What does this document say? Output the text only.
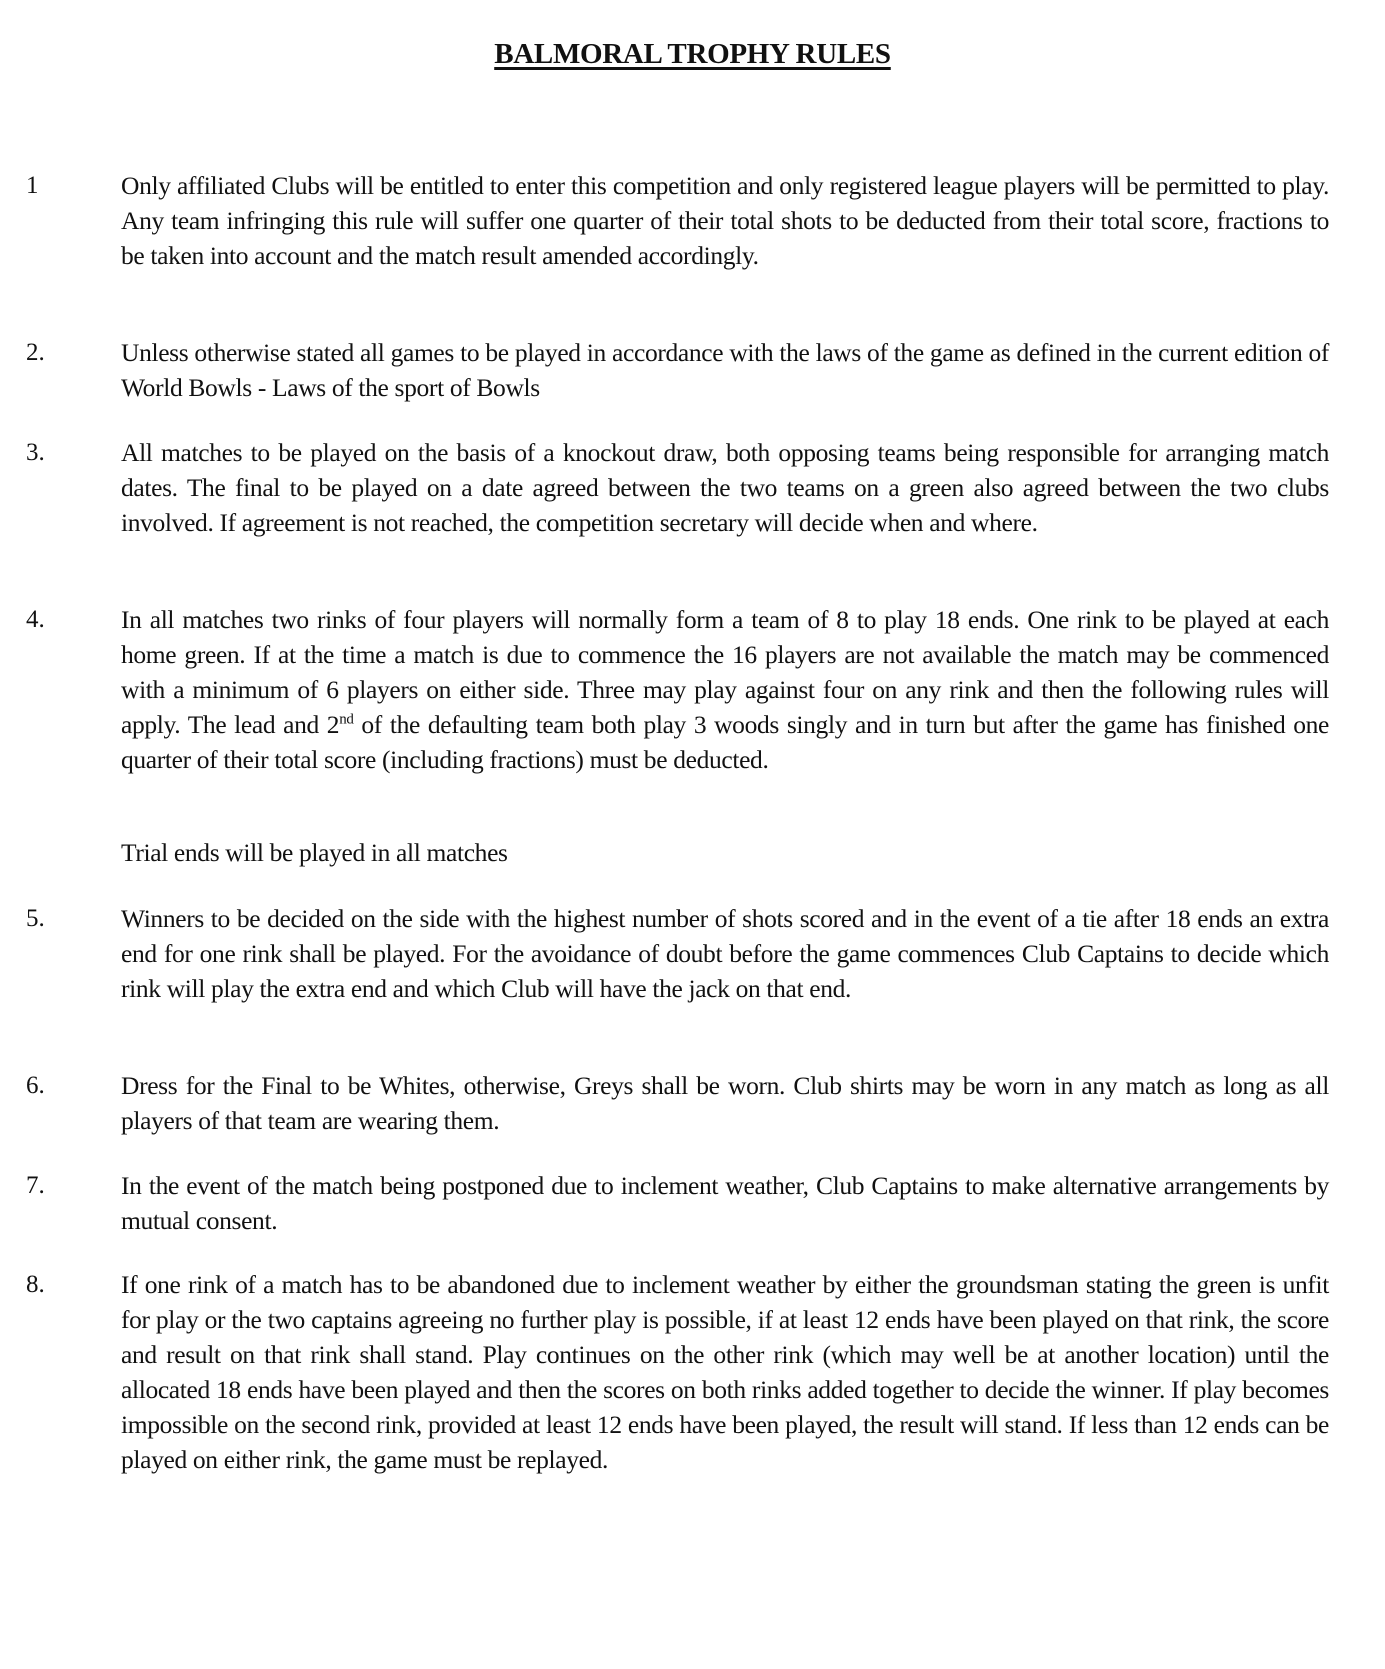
BALMORAL TROPHY RULES
1	Only affiliated Clubs will be entitled to enter this competition and only registered league players will be permitted to play. Any team infringing this rule will suffer one quarter of their total shots to be deducted from their total score, fractions to be taken into account and the match result amended accordingly.
2.	Unless otherwise stated all games to be played in accordance with the laws of the game as defined in the current edition of World Bowls - Laws of the sport of Bowls
3.	All matches to be played on the basis of a knockout draw, both opposing teams being responsible for arranging match dates. The final to be played on a date agreed between the two teams on a green also agreed between the two clubs involved. If agreement is not reached, the competition secretary will decide when and where.
4.	In all matches two rinks of four players will normally form a team of 8 to play 18 ends. One rink to be played at each home green. If at the time a match is due to commence the 16 players are not available the match may be commenced with a minimum of 6 players on either side. Three may play against four on any rink and then the following rules will apply. The lead and 2nd of the defaulting team both play 3 woods singly and in turn but after the game has finished one quarter of their total score (including fractions) must be deducted.
Trial ends will be played in all matches
5.	Winners to be decided on the side with the highest number of shots scored and in the event of a tie after 18 ends an extra end for one rink shall be played. For the avoidance of doubt before the game commences Club Captains to decide which rink will play the extra end and which Club will have the jack on that end.
6.	Dress for the Final to be Whites, otherwise, Greys shall be worn. Club shirts may be worn in any match as long as all players of that team are wearing them.
7.	In the event of the match being postponed due to inclement weather, Club Captains to make alternative arrangements by mutual consent.
8.	If one rink of a match has to be abandoned due to inclement weather by either the groundsman stating the green is unfit for play or the two captains agreeing no further play is possible, if at least 12 ends have been played on that rink, the score and result on that rink shall stand. Play continues on the other rink (which may well be at another location) until the allocated 18 ends have been played and then the scores on both rinks added together to decide the winner. If play becomes impossible on the second rink, provided at least 12 ends have been played, the result will stand. If less than 12 ends can be played on either rink, the game must be replayed.
